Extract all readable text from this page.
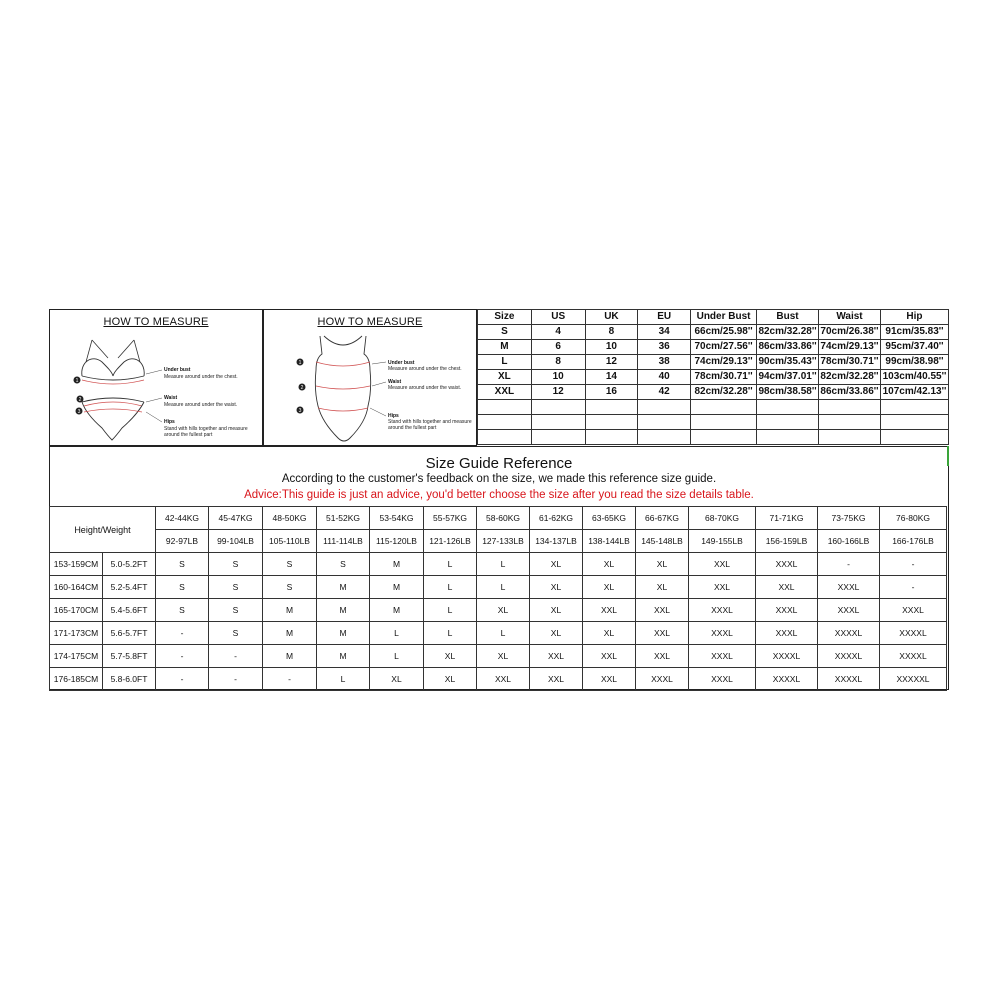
HOW TO MEASURE
1
2
3
Under bust
Measure around under the chest.
Waist
Measure around under the waist.
Hips
Stand with hills together and measure around the fullest part
HOW TO MEASURE
1
2
3
Under bust
Measure around under the chest.
Waist
Measure around under the waist.
Hips
Stand with hills together and measure around the fullest part
Size	US	UK	EU	Under Bust	Bust	Waist	Hip
S	4	8	34	66cm/25.98''	82cm/32.28''	70cm/26.38''	91cm/35.83''
M	6	10	36	70cm/27.56''	86cm/33.86''	74cm/29.13''	95cm/37.40''
L	8	12	38	74cm/29.13''	90cm/35.43''	78cm/30.71''	99cm/38.98''
XL	10	14	40	78cm/30.71''	94cm/37.01''	82cm/32.28''	103cm/40.55''
XXL	12	16	42	82cm/32.28''	98cm/38.58''	86cm/33.86''	107cm/42.13''

Size Guide Reference
According to the customer's feedback on the size, we made this reference size guide.
Advice:This guide is just an advice, you'd better choose the size after you read the size details table.
Height/Weight		42-44KG	45-47KG	48-50KG	51-52KG	53-54KG	55-57KG	58-60KG	61-62KG	63-65KG	66-67KG	68-70KG	71-71KG	73-75KG	76-80KG
		92-97LB	99-104LB	105-110LB	111-114LB	115-120LB	121-126LB	127-133LB	134-137LB	138-144LB	145-148LB	149-155LB	156-159LB	160-166LB	166-176LB
153-159CM	5.0-5.2FT	S	S	S	S	M	L	L	XL	XL	XL	XXL	XXXL	-	-
160-164CM	5.2-5.4FT	S	S	S	M	M	L	L	XL	XL	XL	XXL	XXL	XXXL	-
165-170CM	5.4-5.6FT	S	S	M	M	M	L	XL	XL	XXL	XXL	XXXL	XXXL	XXXL	XXXL
171-173CM	5.6-5.7FT	-	S	M	M	L	L	L	XL	XL	XXL	XXXL	XXXL	XXXXL	XXXXL
174-175CM	5.7-5.8FT	-	-	M	M	L	XL	XL	XXL	XXL	XXL	XXXL	XXXXL	XXXXL	XXXXL
176-185CM	5.8-6.0FT	-	-	-	L	XL	XL	XXL	XXL	XXL	XXXL	XXXL	XXXXL	XXXXL	XXXXXL
